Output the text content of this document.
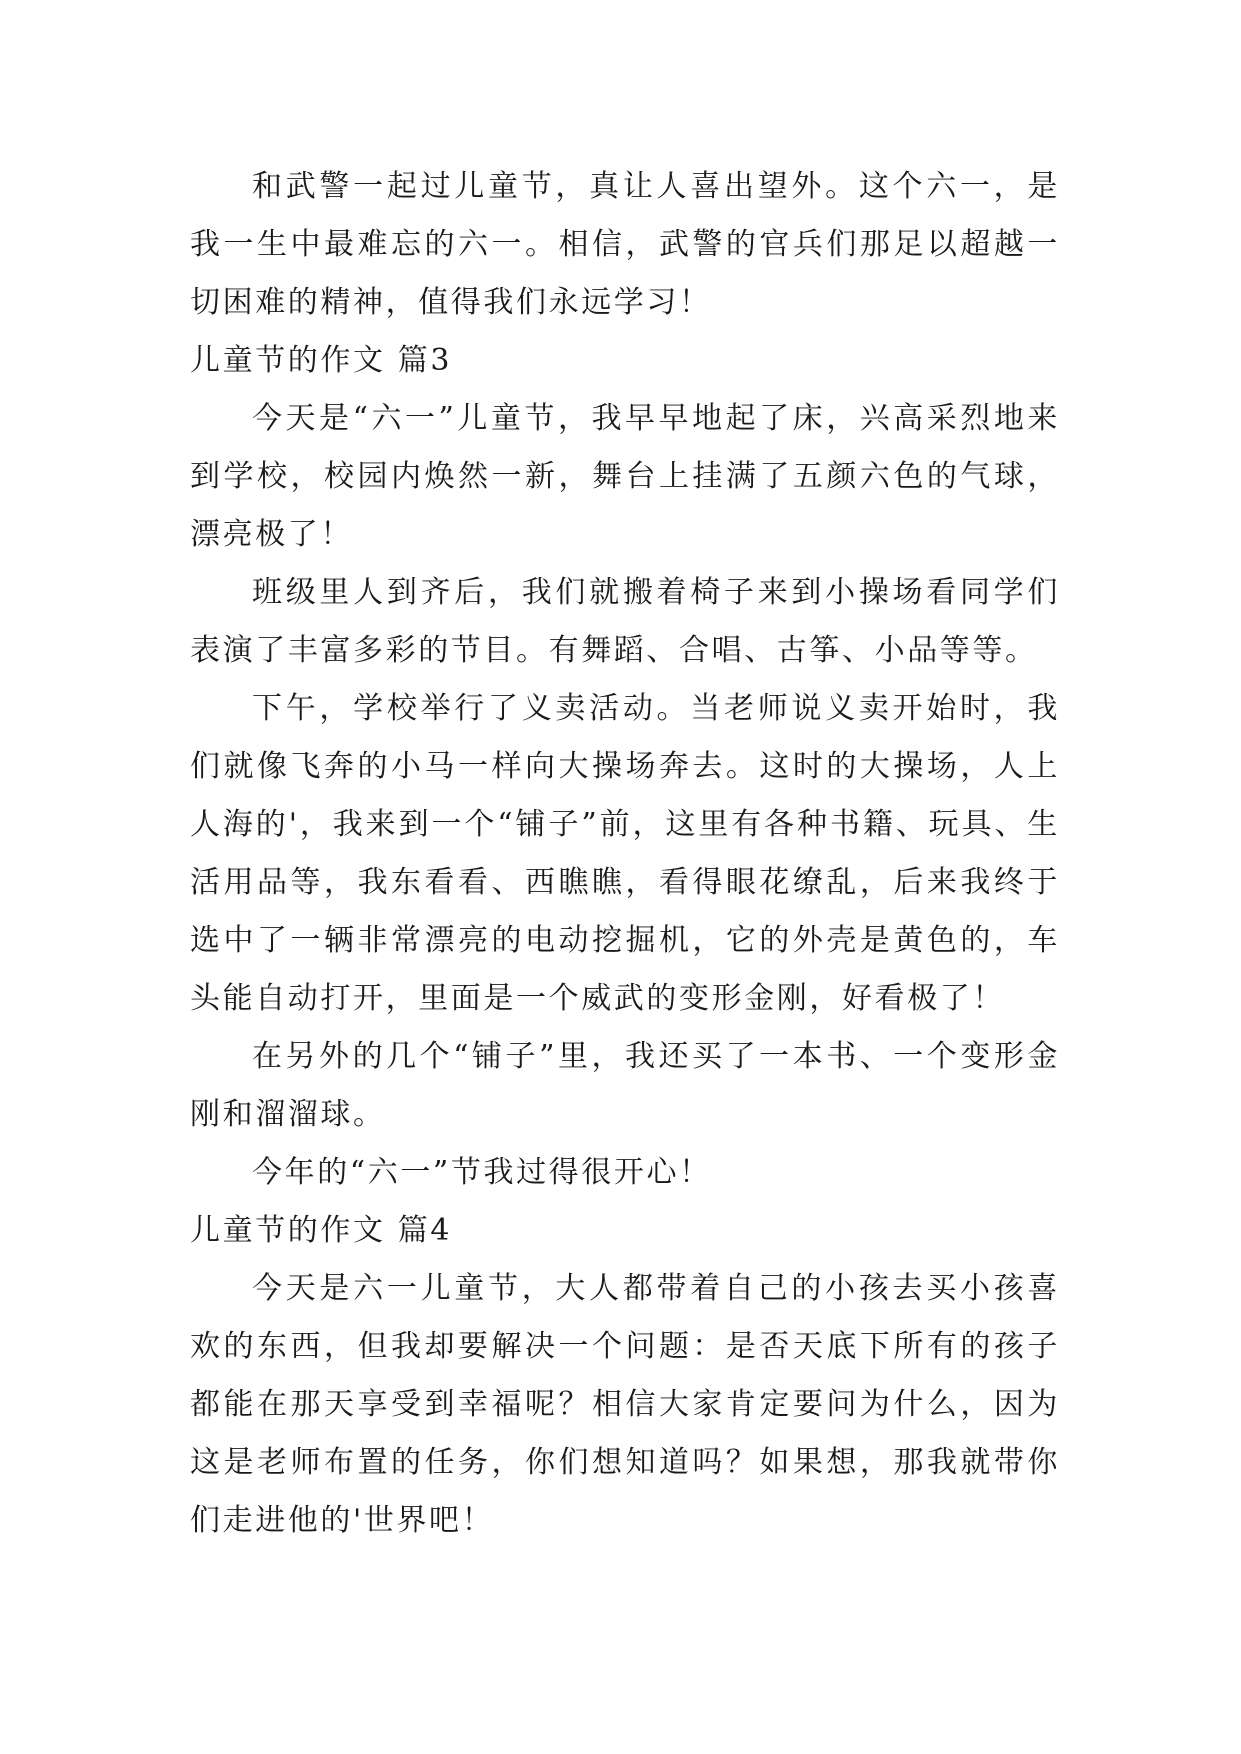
和武警一起过儿童节，真让人喜出望外。这个六一，是我一生中最难忘的六一。相信，武警的官兵们那足以超越一切困难的精神，值得我们永远学习！

儿童节的作文 篇3

今天是“六一”儿童节，我早早地起了床，兴高采烈地来到学校，校园内焕然一新，舞台上挂满了五颜六色的气球，漂亮极了！

班级里人到齐后，我们就搬着椅子来到小操场看同学们表演了丰富多彩的节目。有舞蹈、合唱、古筝、小品等等。

下午，学校举行了义卖活动。当老师说义卖开始时，我们就像飞奔的小马一样向大操场奔去。这时的大操场，人上人海的'，我来到一个“铺子”前，这里有各种书籍、玩具、生活用品等，我东看看、西瞧瞧，看得眼花缭乱，后来我终于选中了一辆非常漂亮的电动挖掘机，它的外壳是黄色的，车头能自动打开，里面是一个威武的变形金刚，好看极了！

在另外的几个“铺子”里，我还买了一本书、一个变形金刚和溜溜球。

今年的“六一”节我过得很开心！

儿童节的作文 篇4

今天是六一儿童节，大人都带着自己的小孩去买小孩喜欢的东西，但我却要解决一个问题：是否天底下所有的孩子都能在那天享受到幸福呢？相信大家肯定要问为什么，因为这是老师布置的任务，你们想知道吗？如果想，那我就带你们走进他的'世界吧！
